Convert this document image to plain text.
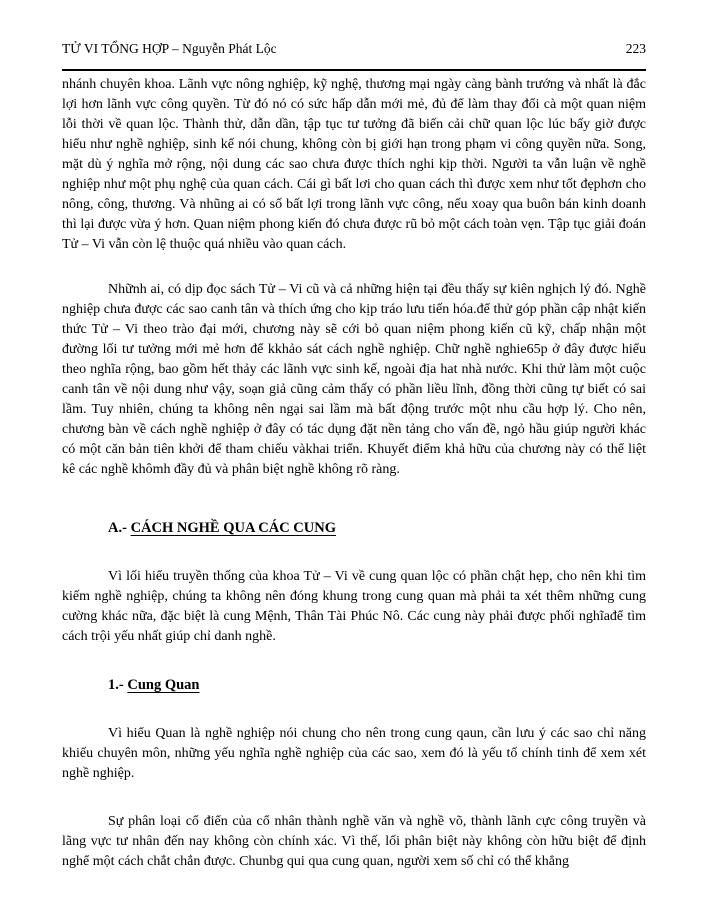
TỬ VI TỔNG HỢP – Nguyễn Phát Lộc	223

nhánh chuyên khoa. Lãnh vực nông nghiệp, kỹ nghệ, thương mại ngày càng bành trướng và nhất là đắc lợi hơn lãnh vực công quyền. Từ đó nó có sức hấp dẫn mới mẻ, đủ để làm thay đổi cà một quan niệm lỗi thời về quan lộc. Thành thử, dẫn dần, tập tục tư tưởng đã biến cải chữ quan lộc lúc bấy giờ được hiểu như nghề nghiệp, sinh kế nói chung, không còn bị giới hạn trong phạm vi công quyền nữa. Song, mặt dù ý nghĩa mở rộng, nội dung các sao chưa được thích nghi kịp thời. Người ta vẫn luận về nghề nghiệp như một phụ nghệ của quan cách. Cái gì bất lơi cho quan cách thì được xem như tốt đẹphơn cho nông, công, thương. Và nhũng ai có số bất lợi trong lãnh vực công, nếu xoay qua buôn bán kinh doanh thì lại được vừa ý hơn. Quan niệm phong kiến đó chưa được rũ bỏ một cách toàn vẹn. Tập tục giải đoán Tử – Vi vẫn còn lệ thuộc quá nhiều vào quan cách.

Nhữnh ai, có dịp đọc sách Tử – Vi cũ và cả những hiện tại đều thấy sự kiên nghịch lý đó. Nghề nghiệp chưa được các sao canh tân và thích ứng cho kịp tráo lưu tiến hóa.để thử góp phần cập nhật kiến thức Tử – Vi theo trào đại mới, chương này sẽ cới bỏ quan niệm phong kiến cũ kỹ, chấp nhận một đường lối tư tưởng mới mẻ hơn để kkhảo sát cách nghề nghiệp. Chữ nghề nghie65p ở đây được hiểu theo nghĩa rộng, bao gồm hết thảy các lãnh vực sinh kế, ngoài địa hat nhà nước. Khi thử làm một cuộc canh tân về nội dung như vậy, soạn giả cũng cảm thấy có phần liều lĩnh, đồng thời cũng tự biết có sai lầm. Tuy nhiên, chúng ta không nên ngại sai lầm mà bất động trước một nhu cầu hợp lý. Cho nên, chương bàn về cách nghề nghiệp ở đây có tác dụng đặt nền tảng cho vấn đề, ngỏ hầu giúp người khác có một căn bản tiên khởi để tham chiếu vàkhai triển. Khuyết điểm khả hữu của chương này có thể liệt kê các nghề khômh đầy đủ và phân biệt nghề không rõ ràng.

A.- CÁCH NGHỀ QUA CÁC CUNG

Vì lối hiểu truyền thống của khoa Tử – Vi về cung quan lộc có phần chật hẹp, cho nên khi tìm kiếm nghề nghiệp, chúng ta không nên đóng khung trong cung quan mà phải ta xét thêm những cung cường khác nữa, đặc biệt là cung Mệnh, Thân Tài Phúc Nô. Các cung này phải được phối nghĩađể tìm cách trội yếu nhất giúp chỉ danh nghề.

1.- Cung Quan

Vì hiểu Quan là nghề nghiệp nói chung cho nên trong cung qaun, cần lưu ý các sao chỉ năng khiếu chuyên môn, những yếu nghĩa nghề nghiệp của các sao, xem đó là yếu tố chính tinh để xem xét nghề nghiệp.

Sự phân loại cổ điển của cổ nhân thành nghề văn và nghề võ, thành lãnh cực công truyền và lãng vực tư nhân đến nay không còn chính xác. Vì thế, lối phân biệt này không còn hữu biệt để định nghể một cách chắt chắn được. Chunbg qui qua cung quan, người xem số chỉ có thể khẳng
